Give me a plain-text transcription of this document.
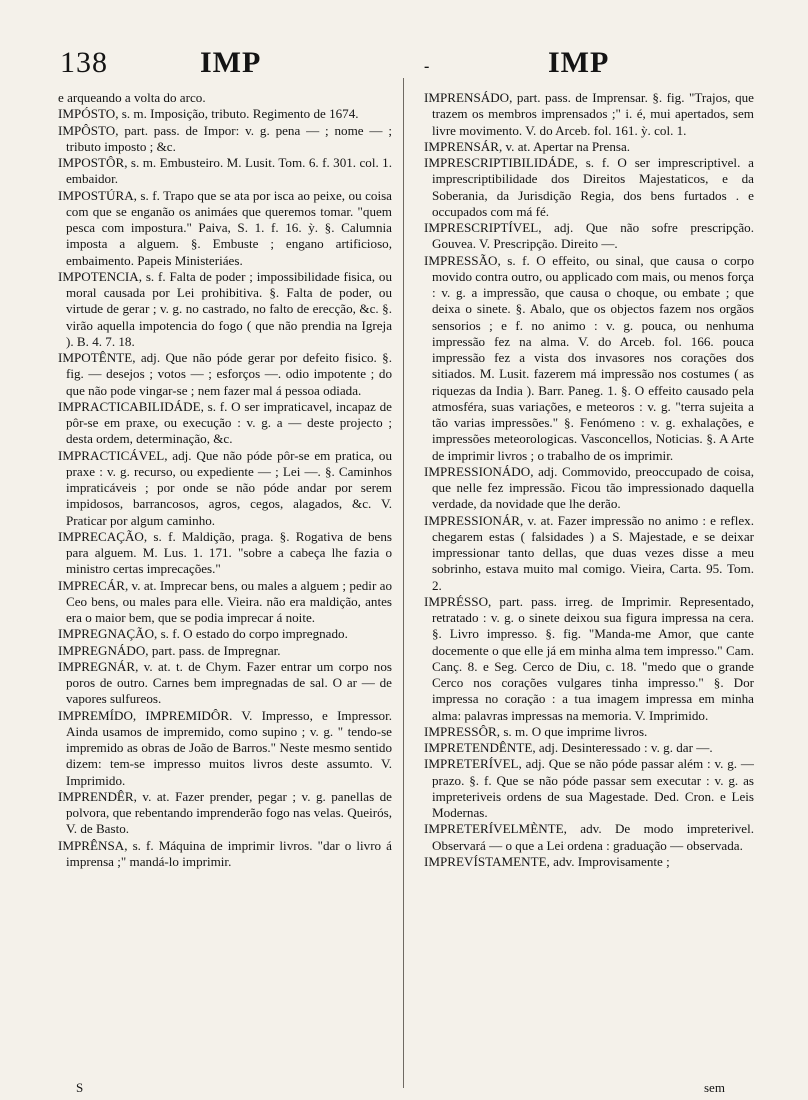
138	IMP	-	IMP

e arqueando a volta do arco.

IMPÓSTO, s. m. Imposição, tributo. Regimento de 1674.

IMPÔSTO, part. pass. de Impor: v. g. pena — ; nome — ; tributo imposto ; &c.

IMPOSTÔR, s. m. Embusteiro. M. Lusit. Tom. 6. f. 301. col. 1. embaidor.

IMPOSTÚRA, s. f. Trapo que se ata por isca ao peixe, ou coisa com que se enganão os animáes que queremos tomar. "quem pesca com impostura." Paiva, S. 1. f. 16. ỳ. §. Calumnia imposta a alguem. §. Embuste ; engano artificioso, embaimento. Papeis Ministeriáes.

IMPOTENCIA, s. f. Falta de poder ; impossibilidade fisica, ou moral causada por Lei prohibitiva. §. Falta de poder, ou virtude de gerar ; v. g. no castrado, no falto de erecção, &c. §. virão aquella impotencia do fogo ( que não prendia na Igreja ). B. 4. 7. 18.

IMPOTÊNTE, adj. Que não póde gerar por defeito fisico. §. fig. — desejos ; votos — ; esforços —. odio impotente ; do que não pode vingar-se ; nem fazer mal á pessoa odiada.

IMPRACTICABILIDÁDE, s. f. O ser impraticavel, incapaz de pôr-se em praxe, ou execução : v. g. a — deste projecto ; desta ordem, determinação, &c.

IMPRACTICÁVEL, adj. Que não póde pôr-se em pratica, ou praxe : v. g. recurso, ou expediente — ; Lei —. §. Caminhos impraticáveis ; por onde se não póde andar por serem impidosos, barrancosos, agros, cegos, alagados, &c. V. Praticar por algum caminho.

IMPRECAÇÃO, s. f. Maldição, praga. §. Rogativa de bens para alguem. M. Lus. 1. 171. "sobre a cabeça lhe fazia o ministro certas imprecações."

IMPRECÁR, v. at. Imprecar bens, ou males a alguem ; pedir ao Ceo bens, ou males para elle. Vieira. não era maldição, antes era o maior bem, que se podia imprecar á noite.

IMPREGNAÇÃO, s. f. O estado do corpo impregnado.

IMPREGNÁDO, part. pass. de Impregnar.

IMPREGNÁR, v. at. t. de Chym. Fazer entrar um corpo nos poros de outro. Carnes bem impregnadas de sal. O ar — de vapores sulfureos.

IMPREMÍDO, IMPREMIDÔR. V. Impresso, e Impressor. Ainda usamos de impremido, como supino ; v. g. " tendo-se impremido as obras de João de Barros." Neste mesmo sentido dizem: tem-se impresso muitos livros deste assumto. V. Imprimido.

IMPRENDÊR, v. at. Fazer prender, pegar ; v. g. panellas de polvora, que rebentando imprenderão fogo nas velas. Queirós, V. de Basto.

IMPRÊNSA, s. f. Máquina de imprimir livros. "dar o livro á imprensa ;" mandá-lo imprimir.

IMPRENSÁDO, part. pass. de Imprensar. §. fig. "Trajos, que trazem os membros imprensados ;" i. é, mui apertados, sem livre movimento. V. do Arceb. fol. 161. ỳ. col. 1.

IMPRENSÁR, v. at. Apertar na Prensa.

IMPRESCRIPTIBILIDÁDE, s. f. O ser imprescriptivel. a imprescriptibilidade dos Direitos Majestaticos, e da Soberania, da Jurisdição Regia, dos bens furtados . e occupados com má fé.

IMPRESCRIPTÍVEL, adj. Que não sofre prescripção. Gouvea. V. Prescripção. Direito —.

IMPRESSÃO, s. f. O effeito, ou sinal, que causa o corpo movido contra outro, ou applicado com mais, ou menos força : v. g. a impressão, que causa o choque, ou embate ; que deixa o sinete. §. Abalo, que os objectos fazem nos orgãos sensorios ; e f. no animo : v. g. pouca, ou nenhuma impressão fez na alma. V. do Arceb. fol. 166. pouca impressão fez a vista dos invasores nos corações dos sitiados. M. Lusit. fazerem má impressão nos costumes ( as riquezas da India ). Barr. Paneg. 1. §. O effeito causado pela atmosféra, suas variações, e meteoros : v. g. "terra sujeita a tão varias impressões." §. Fenómeno : v. g. exhalações, e impressões meteorologicas. Vasconcellos, Noticias. §. A Arte de imprimir livros ; o trabalho de os imprimir.

IMPRESSIONÁDO, adj. Commovido, preoccupado de coisa, que nelle fez impressão. Ficou tão impressionado daquella verdade, da novidade que lhe derão.

IMPRESSIONÁR, v. at. Fazer impressão no animo : e reflex. chegarem estas ( falsidades ) a S. Majestade, e se deixar impressionar tanto dellas, que duas vezes disse a meu sobrinho, estava muito mal comigo. Vieira, Carta. 95. Tom. 2.

IMPRÉSSO, part. pass. irreg. de Imprimir. Representado, retratado : v. g. o sinete deixou sua figura impressa na cera. §. Livro impresso. §. fig. "Manda-me Amor, que cante docemente o que elle já em minha alma tem impresso." Cam. Canç. 8. e Seg. Cerco de Diu, c. 18. "medo que o grande Cerco nos corações vulgares tinha impresso." §. Dor impressa no coração : a tua imagem impressa em minha alma: palavras impressas na memoria. V. Imprimido.

IMPRESSÔR, s. m. O que imprime livros.

IMPRETENDÊNTE, adj. Desinteressado : v. g. dar —.

IMPRETERÍVEL, adj. Que se não póde passar além : v. g. — prazo. §. f. Que se não póde passar sem executar : v. g. as impreteriveis ordens de sua Magestade. Ded. Cron. e Leis Modernas.

IMPRETERÍVELMÈNTE, adv. De modo impreterivel. Observará — o que a Lei ordena : graduação — observada.

IMPREVÍSTAMENTE, adv. Improvisamente ;

S	sem
